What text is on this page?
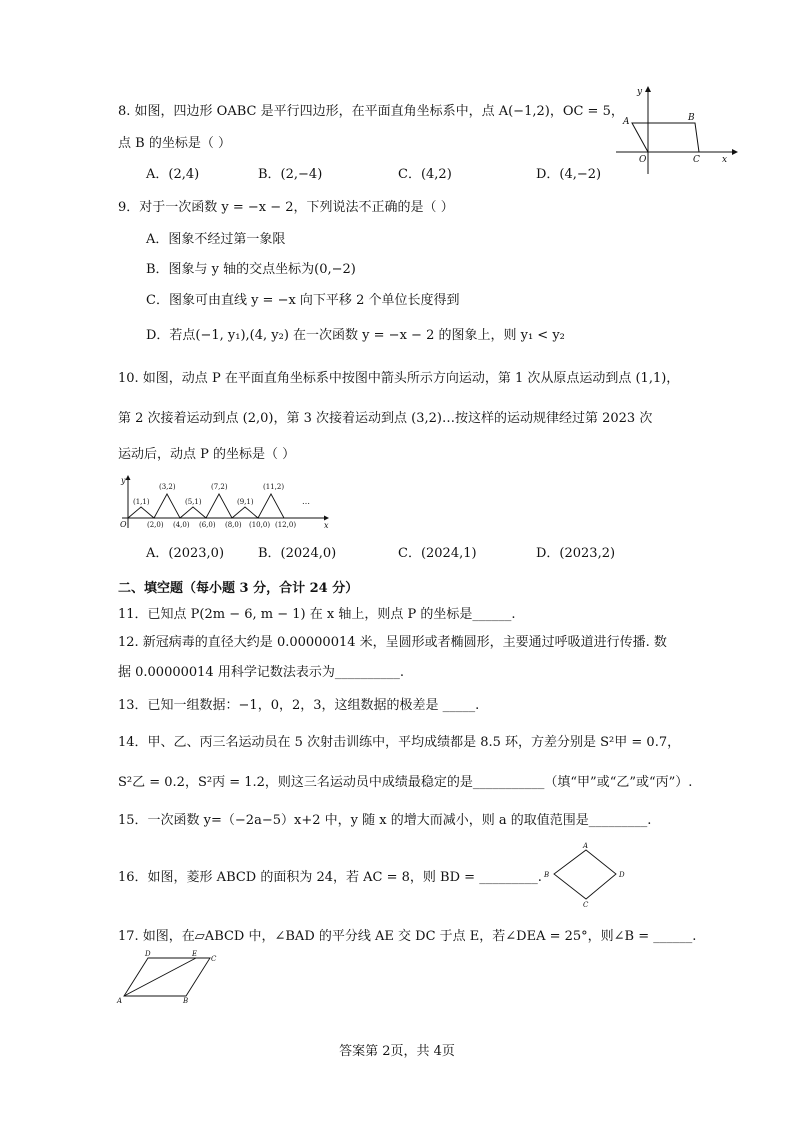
8. 如图，四边形 OABC 是平行四边形，在平面直角坐标系中，点 A(−1,2)，OC = 5，
点 B 的坐标是（ ）
A．(2,4)	B．(2,−4)	C．(4,2)	D．(4,−2)
y
x
A	B
O	C
9．对于一次函数 y = −x − 2，下列说法不正确的是（ ）
A．图象不经过第一象限
B．图象与 y 轴的交点坐标为(0,−2)
C．图象可由直线 y = −x 向下平移 2 个单位长度得到
D．若点(−1, y₁),(4, y₂) 在一次函数 y = −x − 2 的图象上，则 y₁ < y₂
10. 如图，动点 P 在平面直角坐标系中按图中箭头所示方向运动，第 1 次从原点运动到点 (1,1)，
第 2 次接着运动到点 (2,0)，第 3 次接着运动到点 (3,2)…按这样的运动规律经过第 2023 次
运动后，动点 P 的坐标是（ ）
y
x
O
…
(1,1)
(3,2)
(5,1)
(7,2)
(9,1)
(11,2)
(2,0) (4,0) (6,0) (8,0) (10,0) (12,0)
A．(2023,0)	B．(2024,0)	C．(2024,1)	D．(2023,2)
二、填空题（每小题 3 分，合计 24 分）
11．已知点 P(2m − 6, m − 1) 在 x 轴上，则点 P 的坐标是______.
12. 新冠病毒的直径大约是 0.00000014 米，呈圆形或者椭圆形，主要通过呼吸道进行传播. 数
据 0.00000014 用科学记数法表示为__________.
13．已知一组数据：−1，0，2，3，这组数据的极差是 _____.
14．甲、乙、丙三名运动员在 5 次射击训练中，平均成绩都是 8.5 环，方差分别是 S²甲 = 0.7，
S²乙 = 0.2，S²丙 = 1.2，则这三名运动员中成绩最稳定的是___________（填“甲”或“乙”或“丙”）.
15．一次函数 y=（−2a−5）x+2 中，y 随 x 的增大而减小，则 a 的取值范围是_________.
16．如图，菱形 ABCD 的面积为 24，若 AC = 8，则 BD = _________.
A
B
C
D
17. 如图，在▱ABCD 中，∠BAD 的平分线 AE 交 DC 于点 E，若∠DEA = 25°，则∠B = ______.
D	E
C
A	B
答案第 2页，共 4页
